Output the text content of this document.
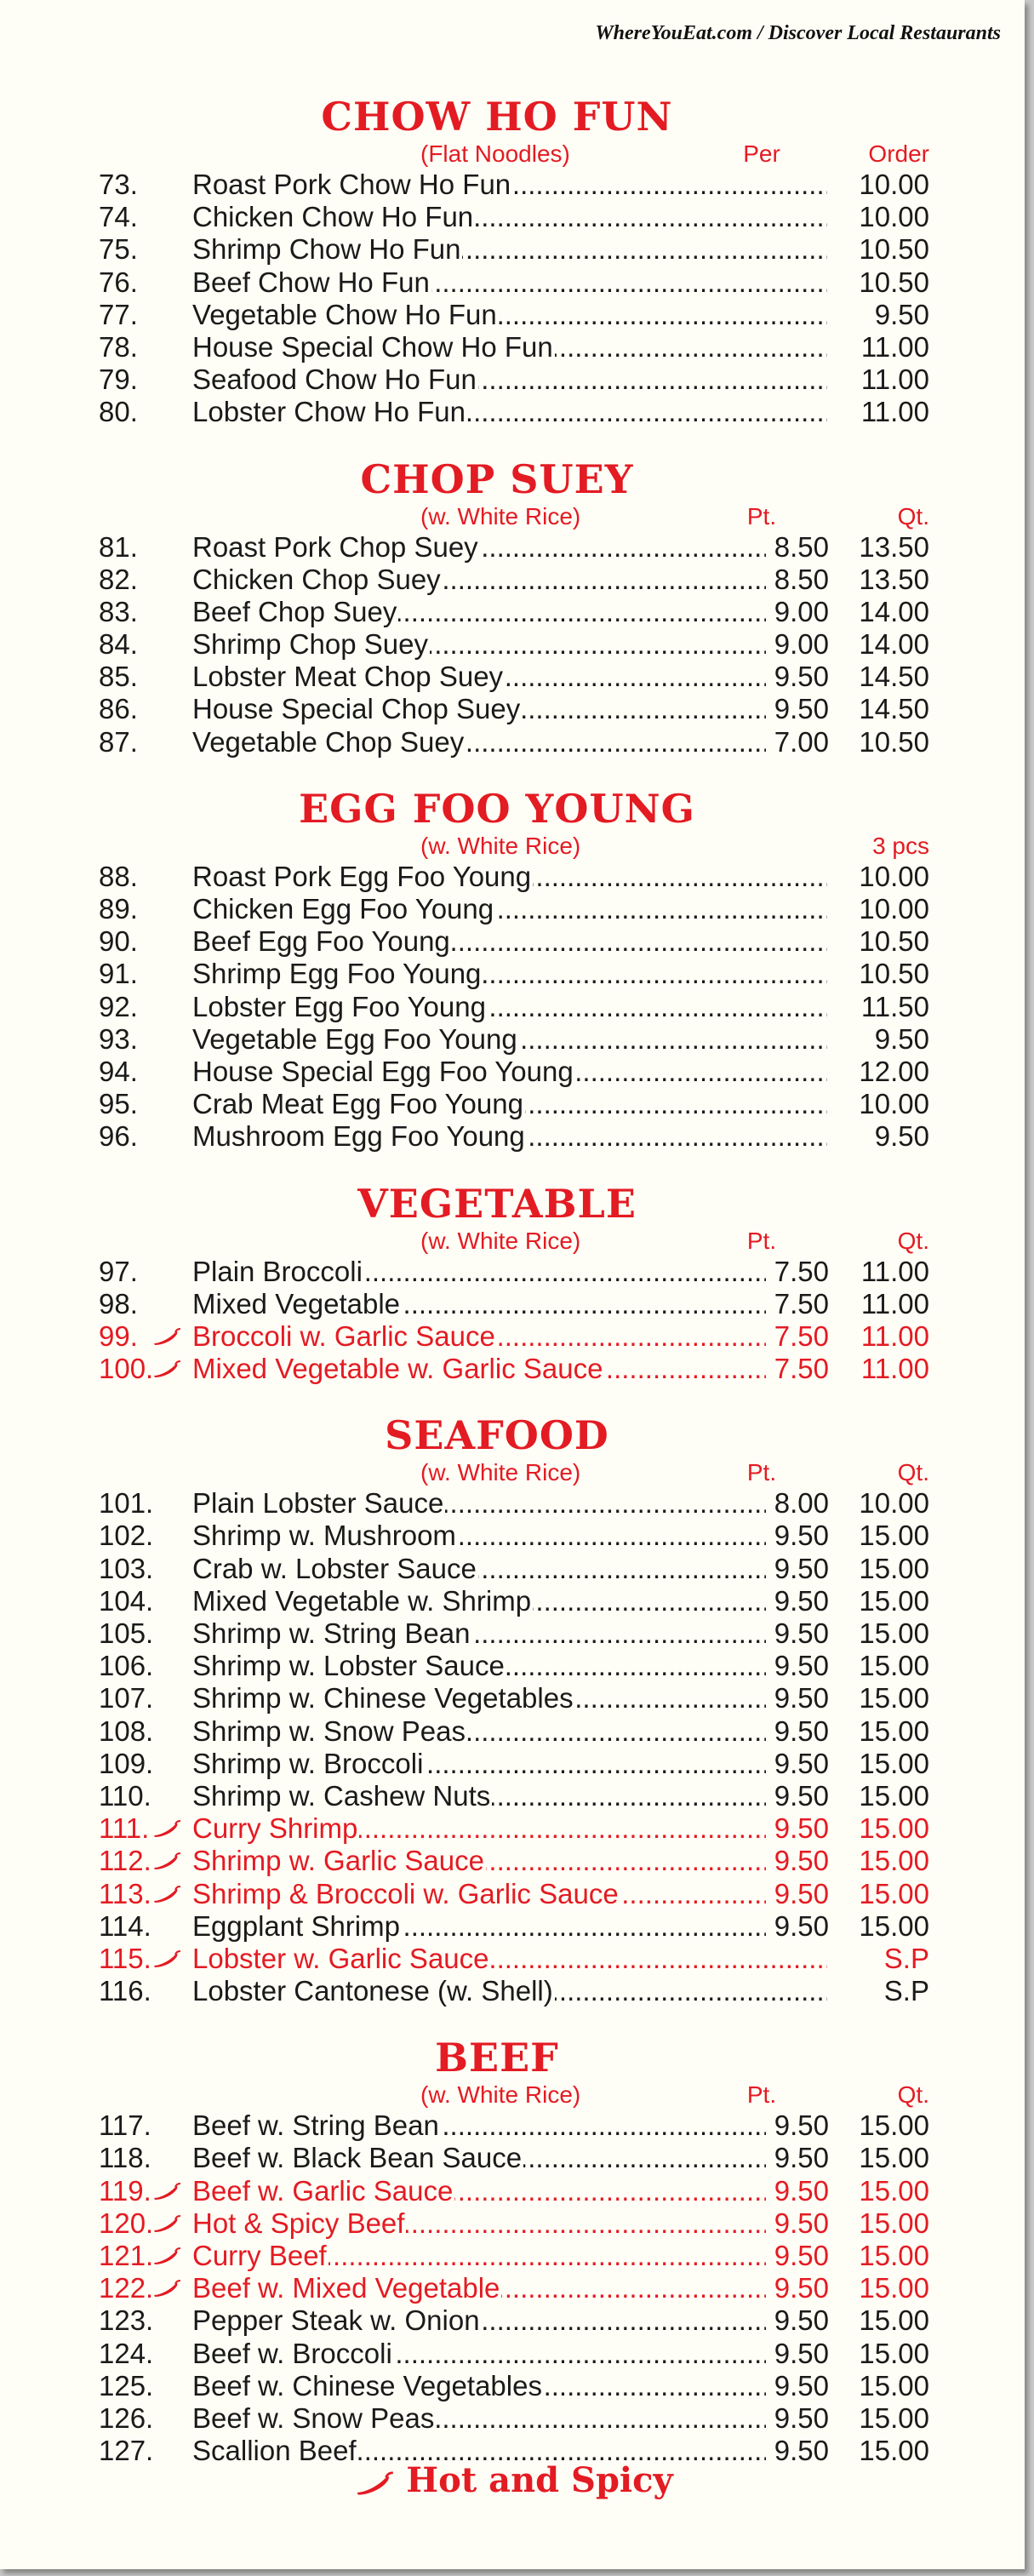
WhereYouEat.com / Discover Local Restaurants
CHOW HO FUN
(Flat Noodles)	Per	Order
73.	Roast Pork Chow Ho Fun .....	10.00
74.	Chicken Chow Ho Fun .....	10.00
75.	Shrimp Chow Ho Fun .....	10.50
76.	Beef Chow Ho Fun .....	10.50
77.	Vegetable Chow Ho Fun .....	9.50
78.	House Special Chow Ho Fun .....	11.00
79.	Seafood Chow Ho Fun .....	11.00
80.	Lobster Chow Ho Fun .....	11.00
CHOP SUEY
(w. White Rice)	Pt.	Qt.
81.	Roast Pork Chop Suey .....	8.50	13.50
82.	Chicken Chop Suey .....	8.50	13.50
83.	Beef Chop Suey .....	9.00	14.00
84.	Shrimp Chop Suey .....	9.00	14.00
85.	Lobster Meat Chop Suey .....	9.50	14.50
86.	House Special Chop Suey .....	9.50	14.50
87.	Vegetable Chop Suey .....	7.00	10.50
EGG FOO YOUNG
(w. White Rice)	3 pcs
88.	Roast Pork Egg Foo Young .....	10.00
89.	Chicken Egg Foo Young .....	10.00
90.	Beef Egg Foo Young .....	10.50
91.	Shrimp Egg Foo Young .....	10.50
92.	Lobster Egg Foo Young .....	11.50
93.	Vegetable Egg Foo Young .....	9.50
94.	House Special Egg Foo Young .....	12.00
95.	Crab Meat Egg Foo Young .....	10.00
96.	Mushroom Egg Foo Young .....	9.50
VEGETABLE
(w. White Rice)	Pt.	Qt.
97.	Plain Broccoli .....	7.50	11.00
98.	Mixed Vegetable .....	7.50	11.00
99.	Broccoli w. Garlic Sauce .....	7.50	11.00
100.	Mixed Vegetable w. Garlic Sauce .....	7.50	11.00
SEAFOOD
(w. White Rice)	Pt.	Qt.
101.	Plain Lobster Sauce .....	8.00	10.00
102.	Shrimp w. Mushroom .....	9.50	15.00
103.	Crab w. Lobster Sauce .....	9.50	15.00
104.	Mixed Vegetable w. Shrimp .....	9.50	15.00
105.	Shrimp w. String Bean .....	9.50	15.00
106.	Shrimp w. Lobster Sauce .....	9.50	15.00
107.	Shrimp w. Chinese Vegetables .....	9.50	15.00
108.	Shrimp w. Snow Peas .....	9.50	15.00
109.	Shrimp w. Broccoli .....	9.50	15.00
110.	Shrimp w. Cashew Nuts .....	9.50	15.00
111.	Curry Shrimp .....	9.50	15.00
112.	Shrimp w. Garlic Sauce .....	9.50	15.00
113.	Shrimp & Broccoli w. Garlic Sauce .....	9.50	15.00
114.	Eggplant Shrimp .....	9.50	15.00
115.	Lobster w. Garlic Sauce .....	S.P
116.	Lobster Cantonese (w. Shell) .....	S.P
BEEF
(w. White Rice)	Pt.	Qt.
117.	Beef w. String Bean .....	9.50	15.00
118.	Beef w. Black Bean Sauce .....	9.50	15.00
119.	Beef w. Garlic Sauce .....	9.50	15.00
120.	Hot & Spicy Beef .....	9.50	15.00
121.	Curry Beef .....	9.50	15.00
122.	Beef w. Mixed Vegetable .....	9.50	15.00
123.	Pepper Steak w. Onion .....	9.50	15.00
124.	Beef w. Broccoli .....	9.50	15.00
125.	Beef w. Chinese Vegetables .....	9.50	15.00
126.	Beef w. Snow Peas .....	9.50	15.00
127.	Scallion Beef .....	9.50	15.00
Hot and Spicy
